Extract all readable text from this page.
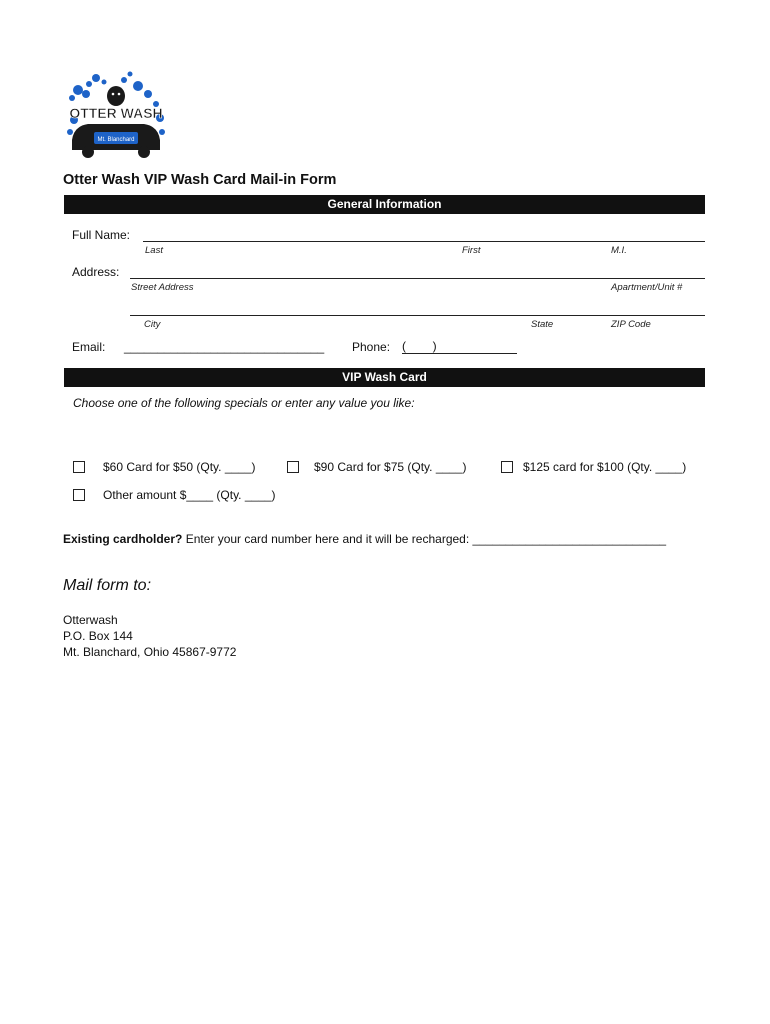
OTTER WASH
Mt. Blanchard
Otter Wash VIP Wash Card Mail-in Form
General Information
Full Name:
Last	First	M.I.
Address:
Street Address	Apartment/Unit #
City	State	ZIP Code
Email: ______________________________ Phone: (        )
VIP Wash Card
Choose one of the following specials or enter any value you like:
$60 Card for $50 (Qty. ____)	$90 Card for $75 (Qty. ____)	$125 card for $100 (Qty. ____)
Other amount $____ (Qty. ____)
Existing cardholder? Enter your card number here and it will be recharged: _____________________________
Mail form to:
Otterwash
P.O. Box 144
Mt. Blanchard, Ohio 45867-9772
